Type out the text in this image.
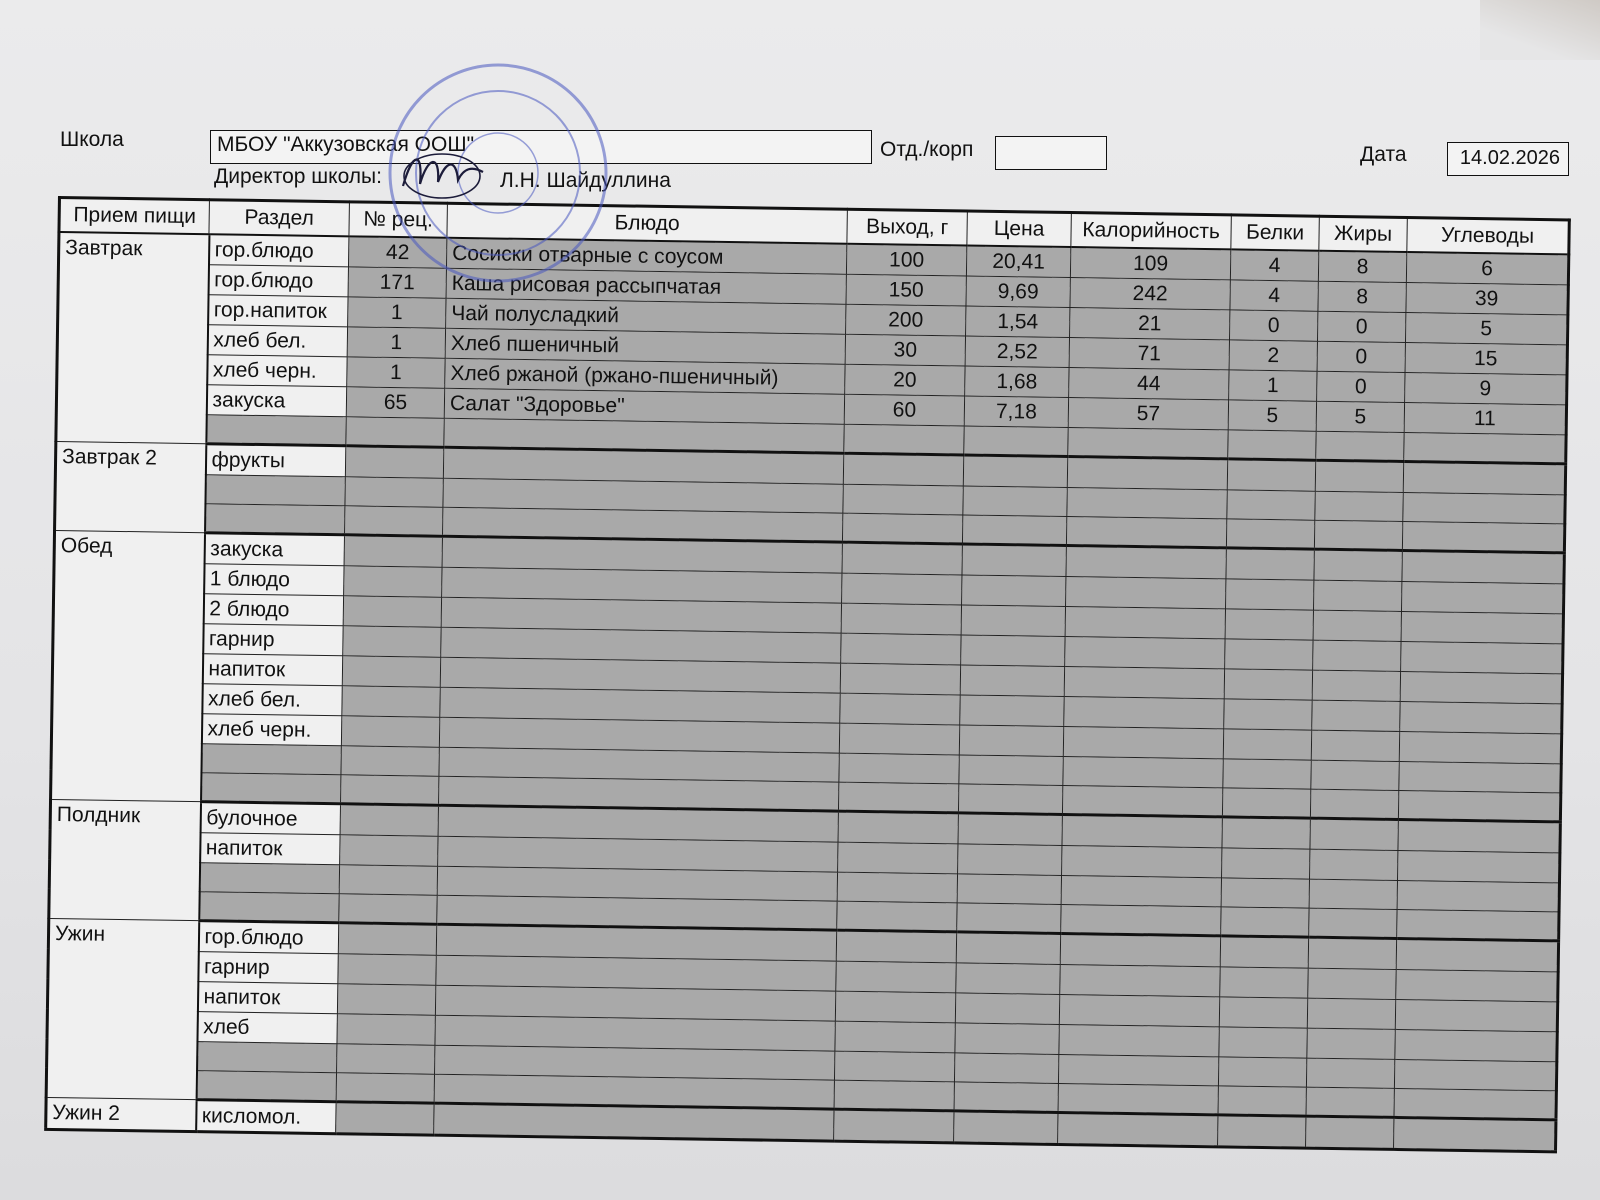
Школа	МБОУ "Аккузовская ООШ"	Отд./корп	Дата	14.02.2026
Директор школы:	Л.Н. Шайдуллина
Прием пищи	Раздел	№ рец.	Блюдо	Выход, г	Цена	Калорийность	Белки	Жиры	Углеводы
Завтрак	гор.блюдо	42	Сосиски отварные с соусом	100	20,41	109	4	8	6
	гор.блюдо	171	Каша рисовая рассыпчатая	150	9,69	242	4	8	39
	гор.напиток	1	Чай полусладкий	200	1,54	21	0	0	5
	хлеб бел.	1	Хлеб пшеничный	30	2,52	71	2	0	15
	хлеб черн.	1	Хлеб ржаной (ржано-пшеничный)	20	1,68	44	1	0	9
	закуска	65	Салат "Здоровье"	60	7,18	57	5	5	11

Завтрак 2	фрукты								

Обед	закуска								
	1 блюдо								
	2 блюдо								
	гарнир								
	напиток								
	хлеб бел.								
	хлеб черн.								

Полдник	булочное								
	напиток								

Ужин	гор.блюдо								
	гарнир								
	напиток								
	хлеб								

Ужин 2	кисломол.								
